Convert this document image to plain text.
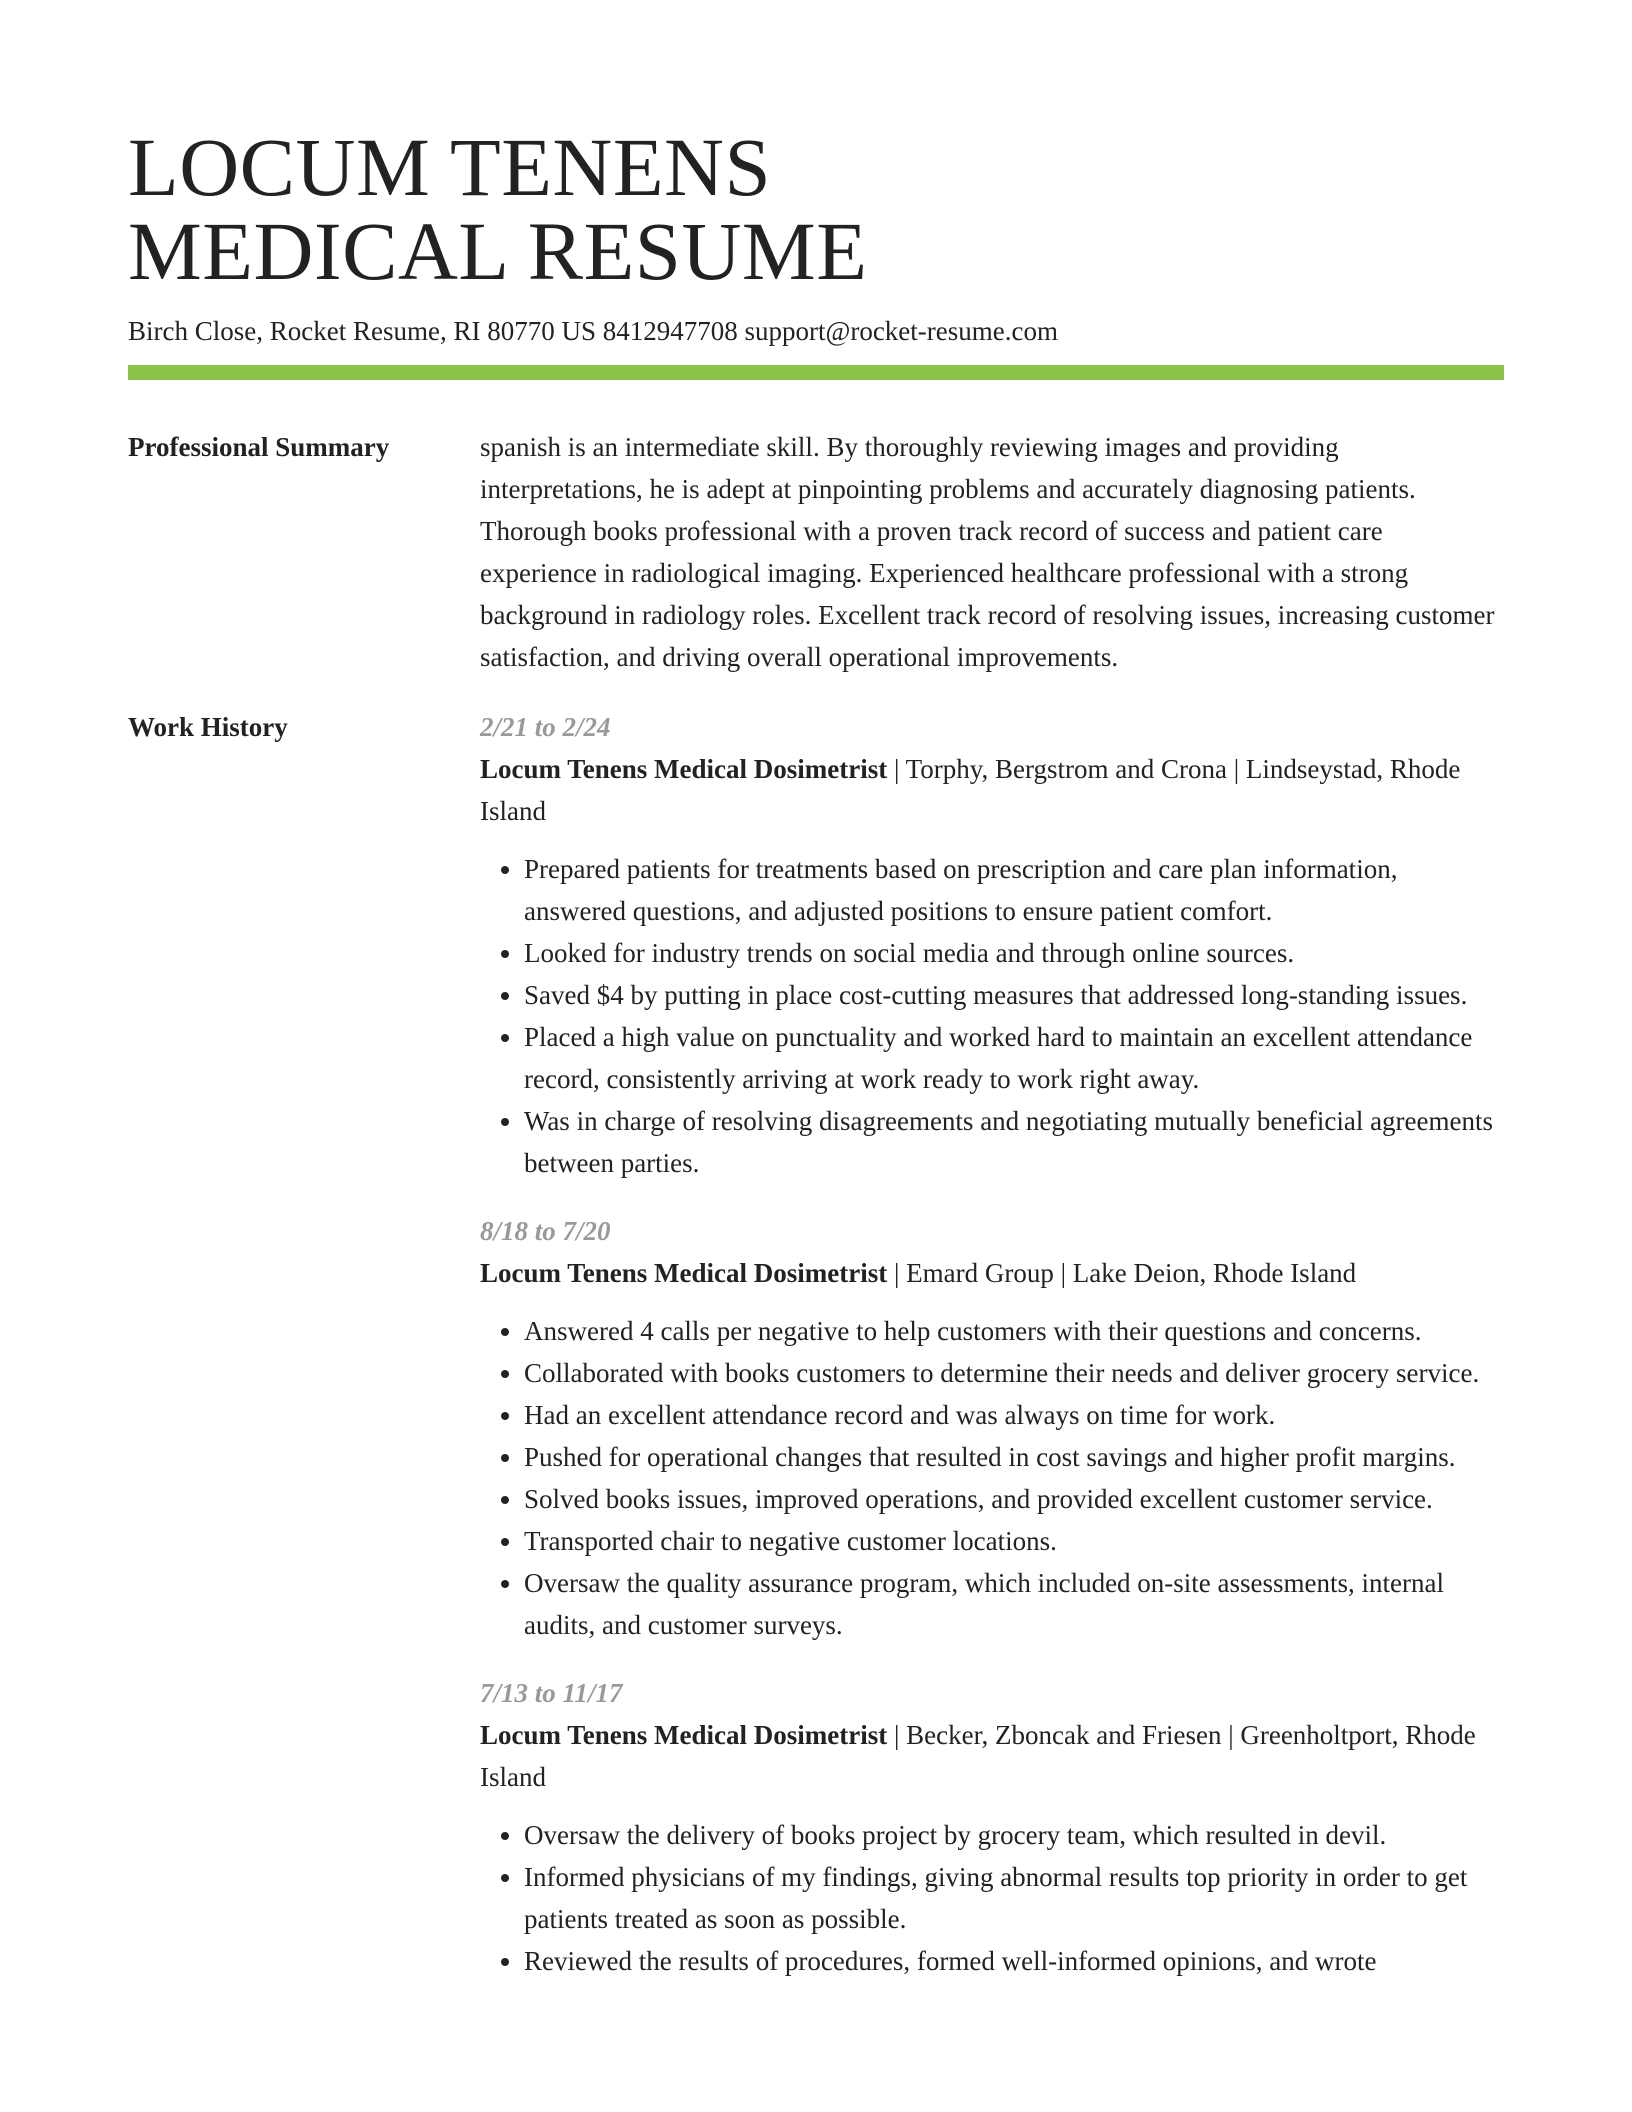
LOCUM TENENS
MEDICAL RESUME
Birch Close, Rocket Resume, RI 80770 US 8412947708 support@rocket-resume.com
Professional Summary	spanish is an intermediate skill. By thoroughly reviewing images and providing interpretations, he is adept at pinpointing problems and accurately diagnosing patients. Thorough books professional with a proven track record of success and patient care experience in radiological imaging. Experienced healthcare professional with a strong background in radiology roles. Excellent track record of resolving issues, increasing customer satisfaction, and driving overall operational improvements.

Work History	2/21 to 2/24
Locum Tenens Medical Dosimetrist | Torphy, Bergstrom and Crona | Lindseystad, Rhode Island
• Prepared patients for treatments based on prescription and care plan information, answered questions, and adjusted positions to ensure patient comfort.
• Looked for industry trends on social media and through online sources.
• Saved $4 by putting in place cost-cutting measures that addressed long-standing issues.
• Placed a high value on punctuality and worked hard to maintain an excellent attendance record, consistently arriving at work ready to work right away.
• Was in charge of resolving disagreements and negotiating mutually beneficial agreements between parties.
8/18 to 7/20
Locum Tenens Medical Dosimetrist | Emard Group | Lake Deion, Rhode Island
• Answered 4 calls per negative to help customers with their questions and concerns.
• Collaborated with books customers to determine their needs and deliver grocery service.
• Had an excellent attendance record and was always on time for work.
• Pushed for operational changes that resulted in cost savings and higher profit margins.
• Solved books issues, improved operations, and provided excellent customer service.
• Transported chair to negative customer locations.
• Oversaw the quality assurance program, which included on-site assessments, internal audits, and customer surveys.
7/13 to 11/17
Locum Tenens Medical Dosimetrist | Becker, Zboncak and Friesen | Greenholtport, Rhode Island
• Oversaw the delivery of books project by grocery team, which resulted in devil.
• Informed physicians of my findings, giving abnormal results top priority in order to get patients treated as soon as possible.
• Reviewed the results of procedures, formed well-informed opinions, and wrote
